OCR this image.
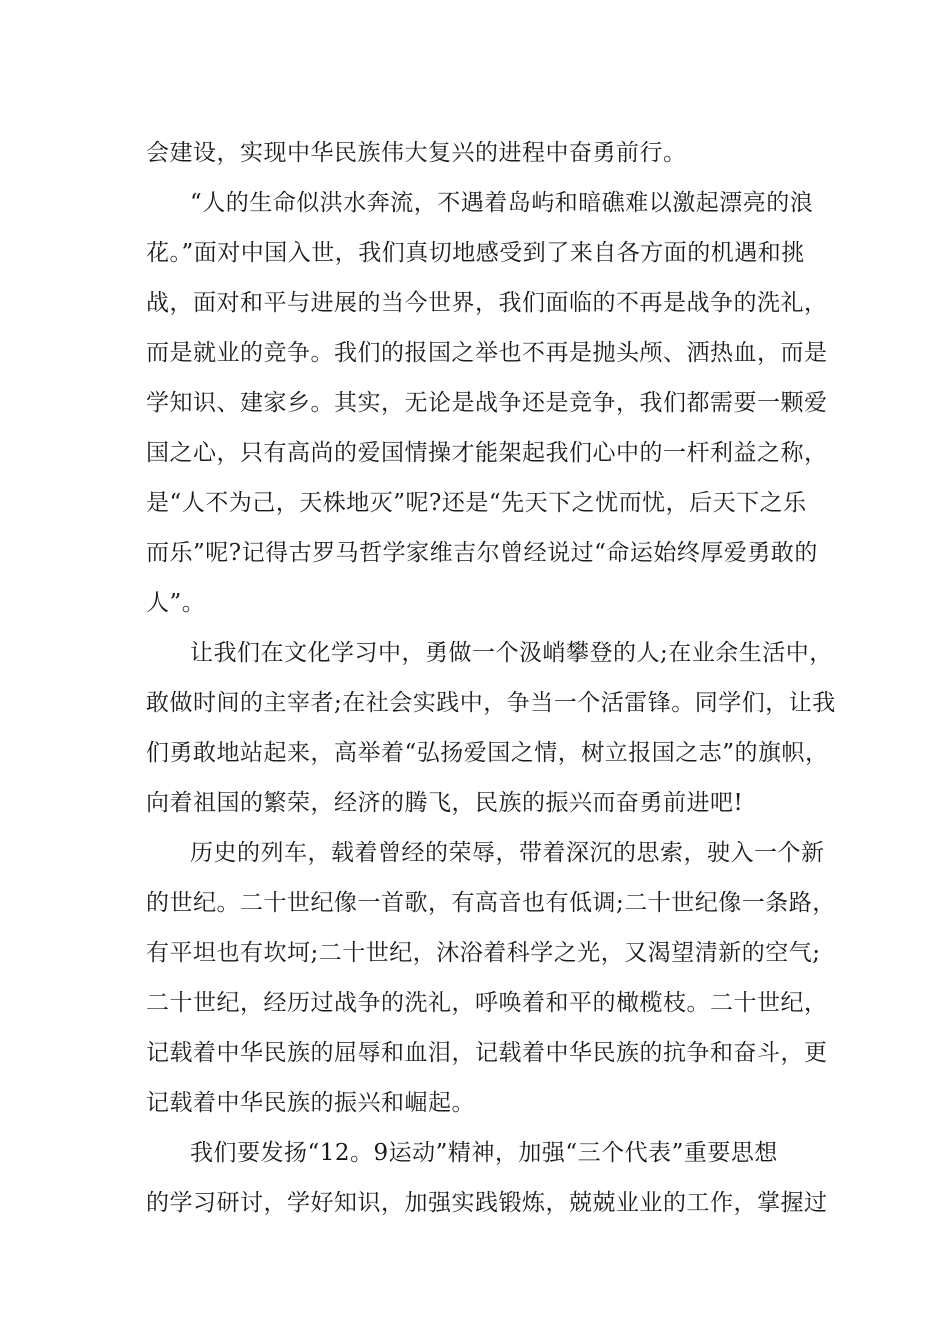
会建设，实现中华民族伟大复兴的进程中奋勇前行。
“人的生命似洪水奔流，不遇着岛屿和暗礁难以激起漂亮的浪
花。”面对中国入世，我们真切地感受到了来自各方面的机遇和挑
战，面对和平与进展的当今世界，我们面临的不再是战争的洗礼，
而是就业的竞争。我们的报国之举也不再是抛头颅、洒热血，而是
学知识、建家乡。其实，无论是战争还是竞争，我们都需要一颗爱
国之心，只有高尚的爱国情操才能架起我们心中的一杆利益之称，
是“人不为己，天株地灭”呢?还是“先天下之忧而忧，后天下之乐
而乐”呢?记得古罗马哲学家维吉尔曾经说过“命运始终厚爱勇敢的
人”。
让我们在文化学习中，勇做一个汲峭攀登的人;在业余生活中，
敢做时间的主宰者;在社会实践中，争当一个活雷锋。同学们，让我
们勇敢地站起来，高举着“弘扬爱国之情，树立报国之志”的旗帜，
向着祖国的繁荣，经济的腾飞，民族的振兴而奋勇前进吧!
历史的列车，载着曾经的荣辱，带着深沉的思索，驶入一个新
的世纪。二十世纪像一首歌，有高音也有低调;二十世纪像一条路，
有平坦也有坎坷;二十世纪，沐浴着科学之光，又渴望清新的空气;
二十世纪，经历过战争的洗礼，呼唤着和平的橄榄枝。二十世纪，
记载着中华民族的屈辱和血泪，记载着中华民族的抗争和奋斗，更
记载着中华民族的振兴和崛起。
我们要发扬“12。9运动”精神，加强“三个代表”重要思想
的学习研讨，学好知识，加强实践锻炼，兢兢业业的工作，掌握过
